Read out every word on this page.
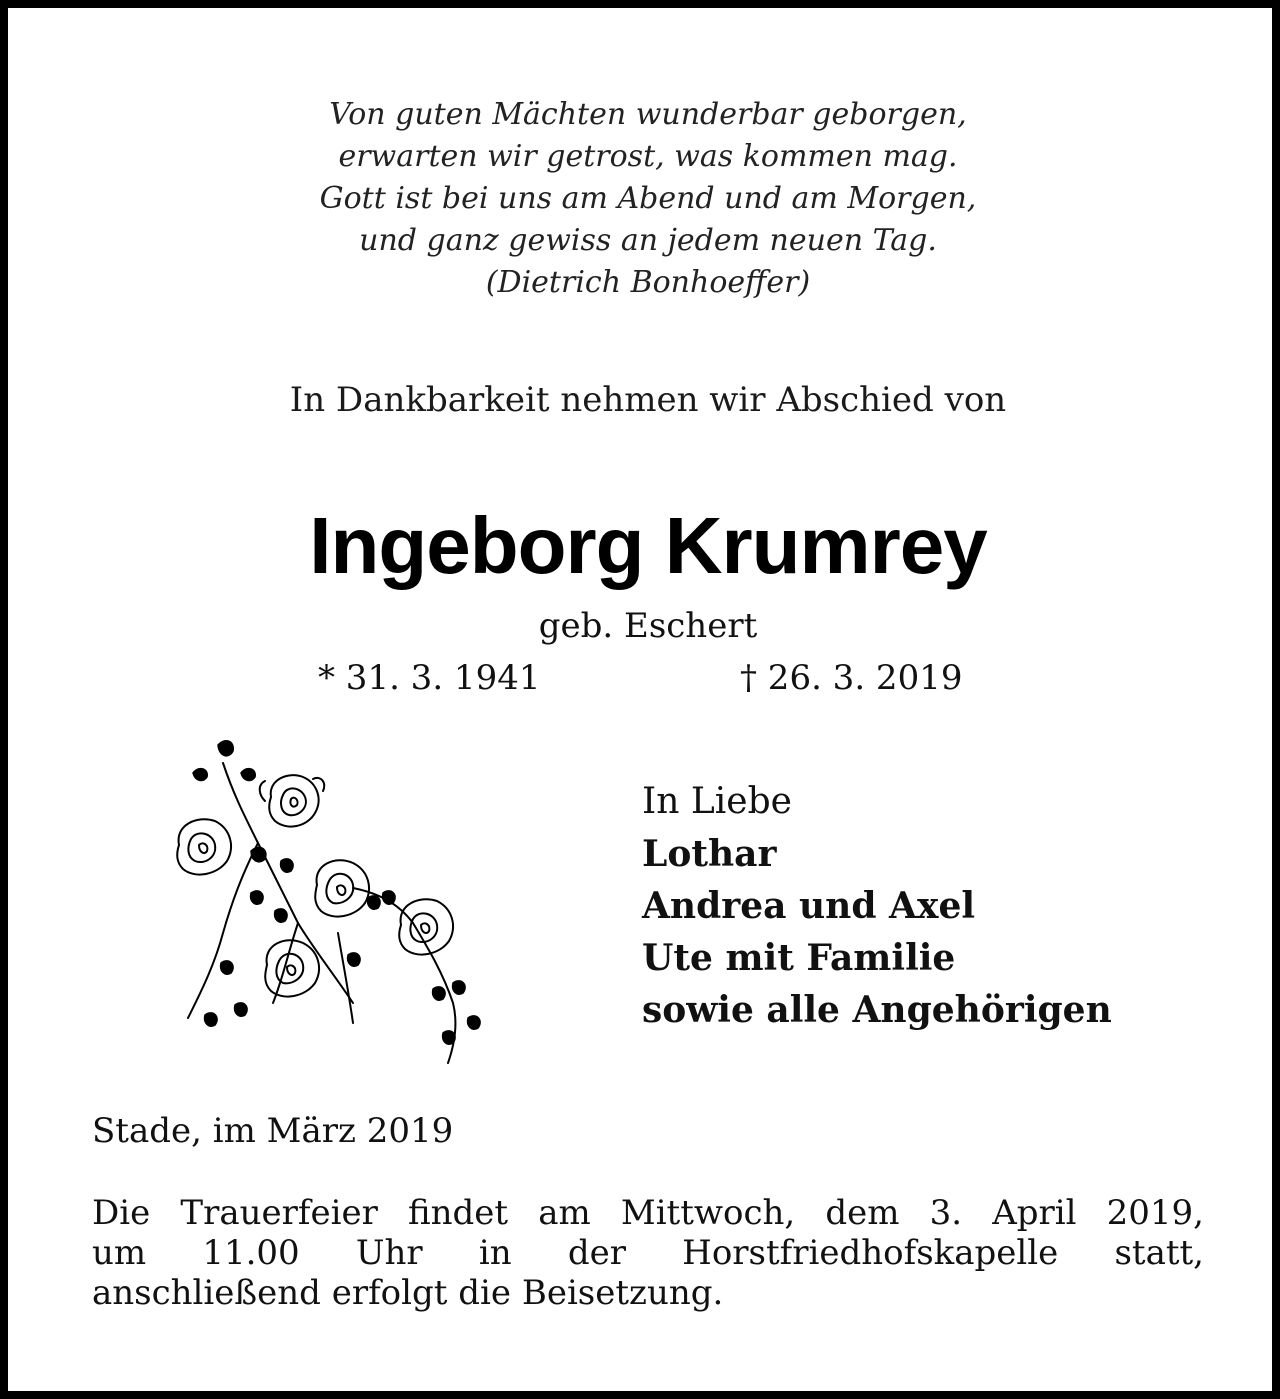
Von guten Mächten wunderbar geborgen,
erwarten wir getrost, was kommen mag.
Gott ist bei uns am Abend und am Morgen,
und ganz gewiss an jedem neuen Tag.
(Dietrich Bonhoeffer)
In Dankbarkeit nehmen wir Abschied von
Ingeborg Krumrey
geb. Eschert
* 31. 3. 1941	† 26. 3. 2019
In Liebe
Lothar
Andrea und Axel
Ute mit Familie
sowie alle Angehörigen
Stade, im März 2019
Die Trauerfeier findet am Mittwoch, dem 3. April 2019,
um 11.00 Uhr in der Horstfriedhofskapelle statt,
anschließend erfolgt die Beisetzung.
